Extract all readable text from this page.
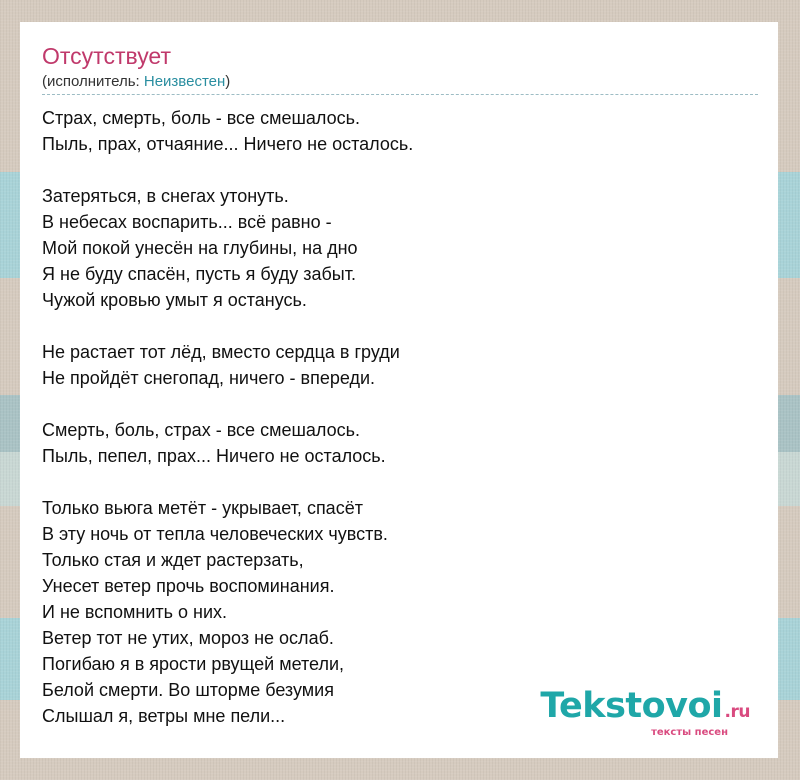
Отсутствует
(исполнитель: Неизвестен)
Страх, смерть, боль - все смешалось.
Пыль, прах, отчаяние... Ничего не осталось.
Затеряться, в снегах утонуть.
В небесах воспарить... всё равно -
Мой покой унесён на глубины, на дно
Я не буду спасён, пусть я буду забыт.
Чужой кровью умыт я останусь.
Не растает тот лёд, вместо сердца в груди
Не пройдёт снегопад, ничего - впереди.
Смерть, боль, страх - все смешалось.
Пыль, пепел, прах... Ничего не осталось.
Только вьюга метёт - укрывает, спасёт
В эту ночь от тепла человеческих чувств.
Только стая и ждет растерзать,
Унесет ветер прочь воспоминания.
И не вспомнить о них.
Ветер тот не утих, мороз не ослаб.
Погибаю я в ярости рвущей метели,
Белой смерти. Во шторме безумия
Слышал я, ветры мне пели...	Tekstovoi .ru
тексты песен
